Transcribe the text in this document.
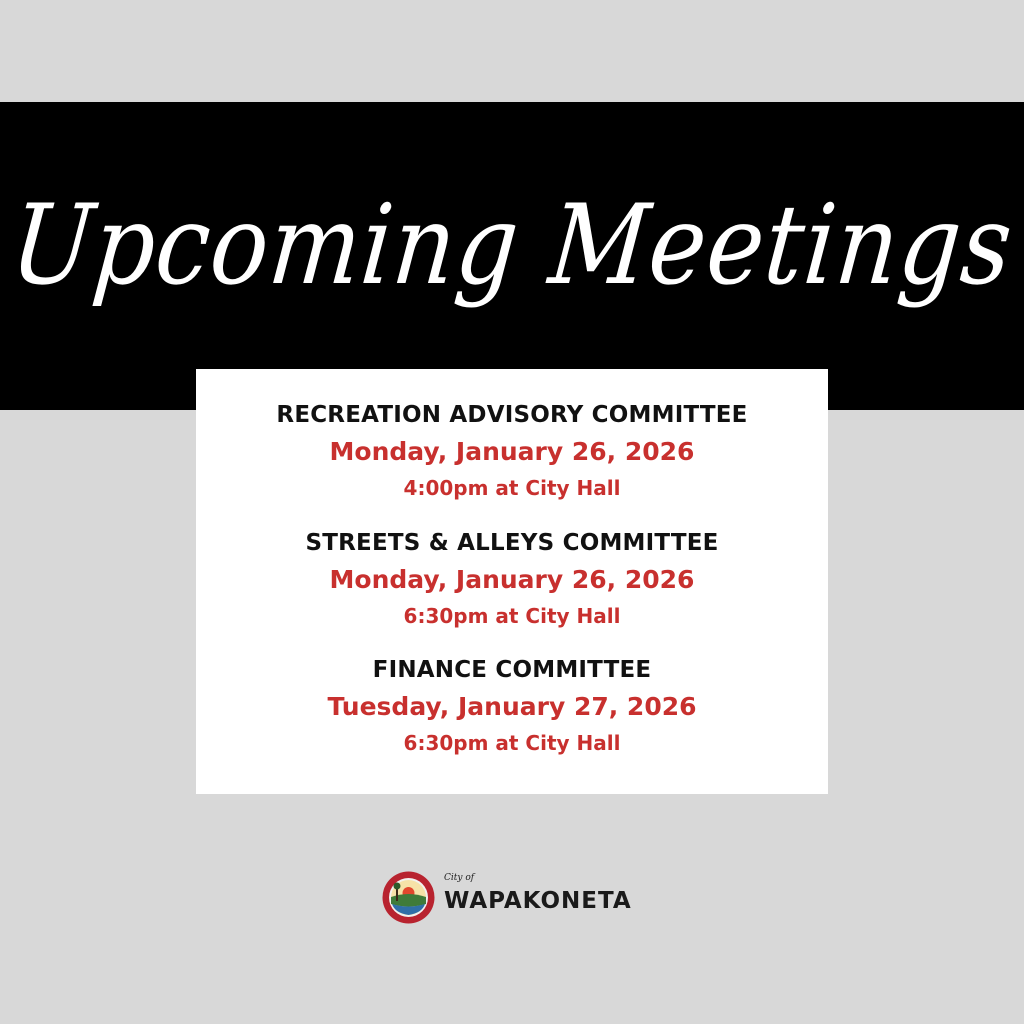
Upcoming Meetings
RECREATION ADVISORY COMMITTEE
Monday, January 26, 2026
4:00pm at City Hall
STREETS & ALLEYS COMMITTEE
Monday, January 26, 2026
6:30pm at City Hall
FINANCE COMMITTEE
Tuesday, January 27, 2026
6:30pm at City Hall
City of
WAPAKONETA
